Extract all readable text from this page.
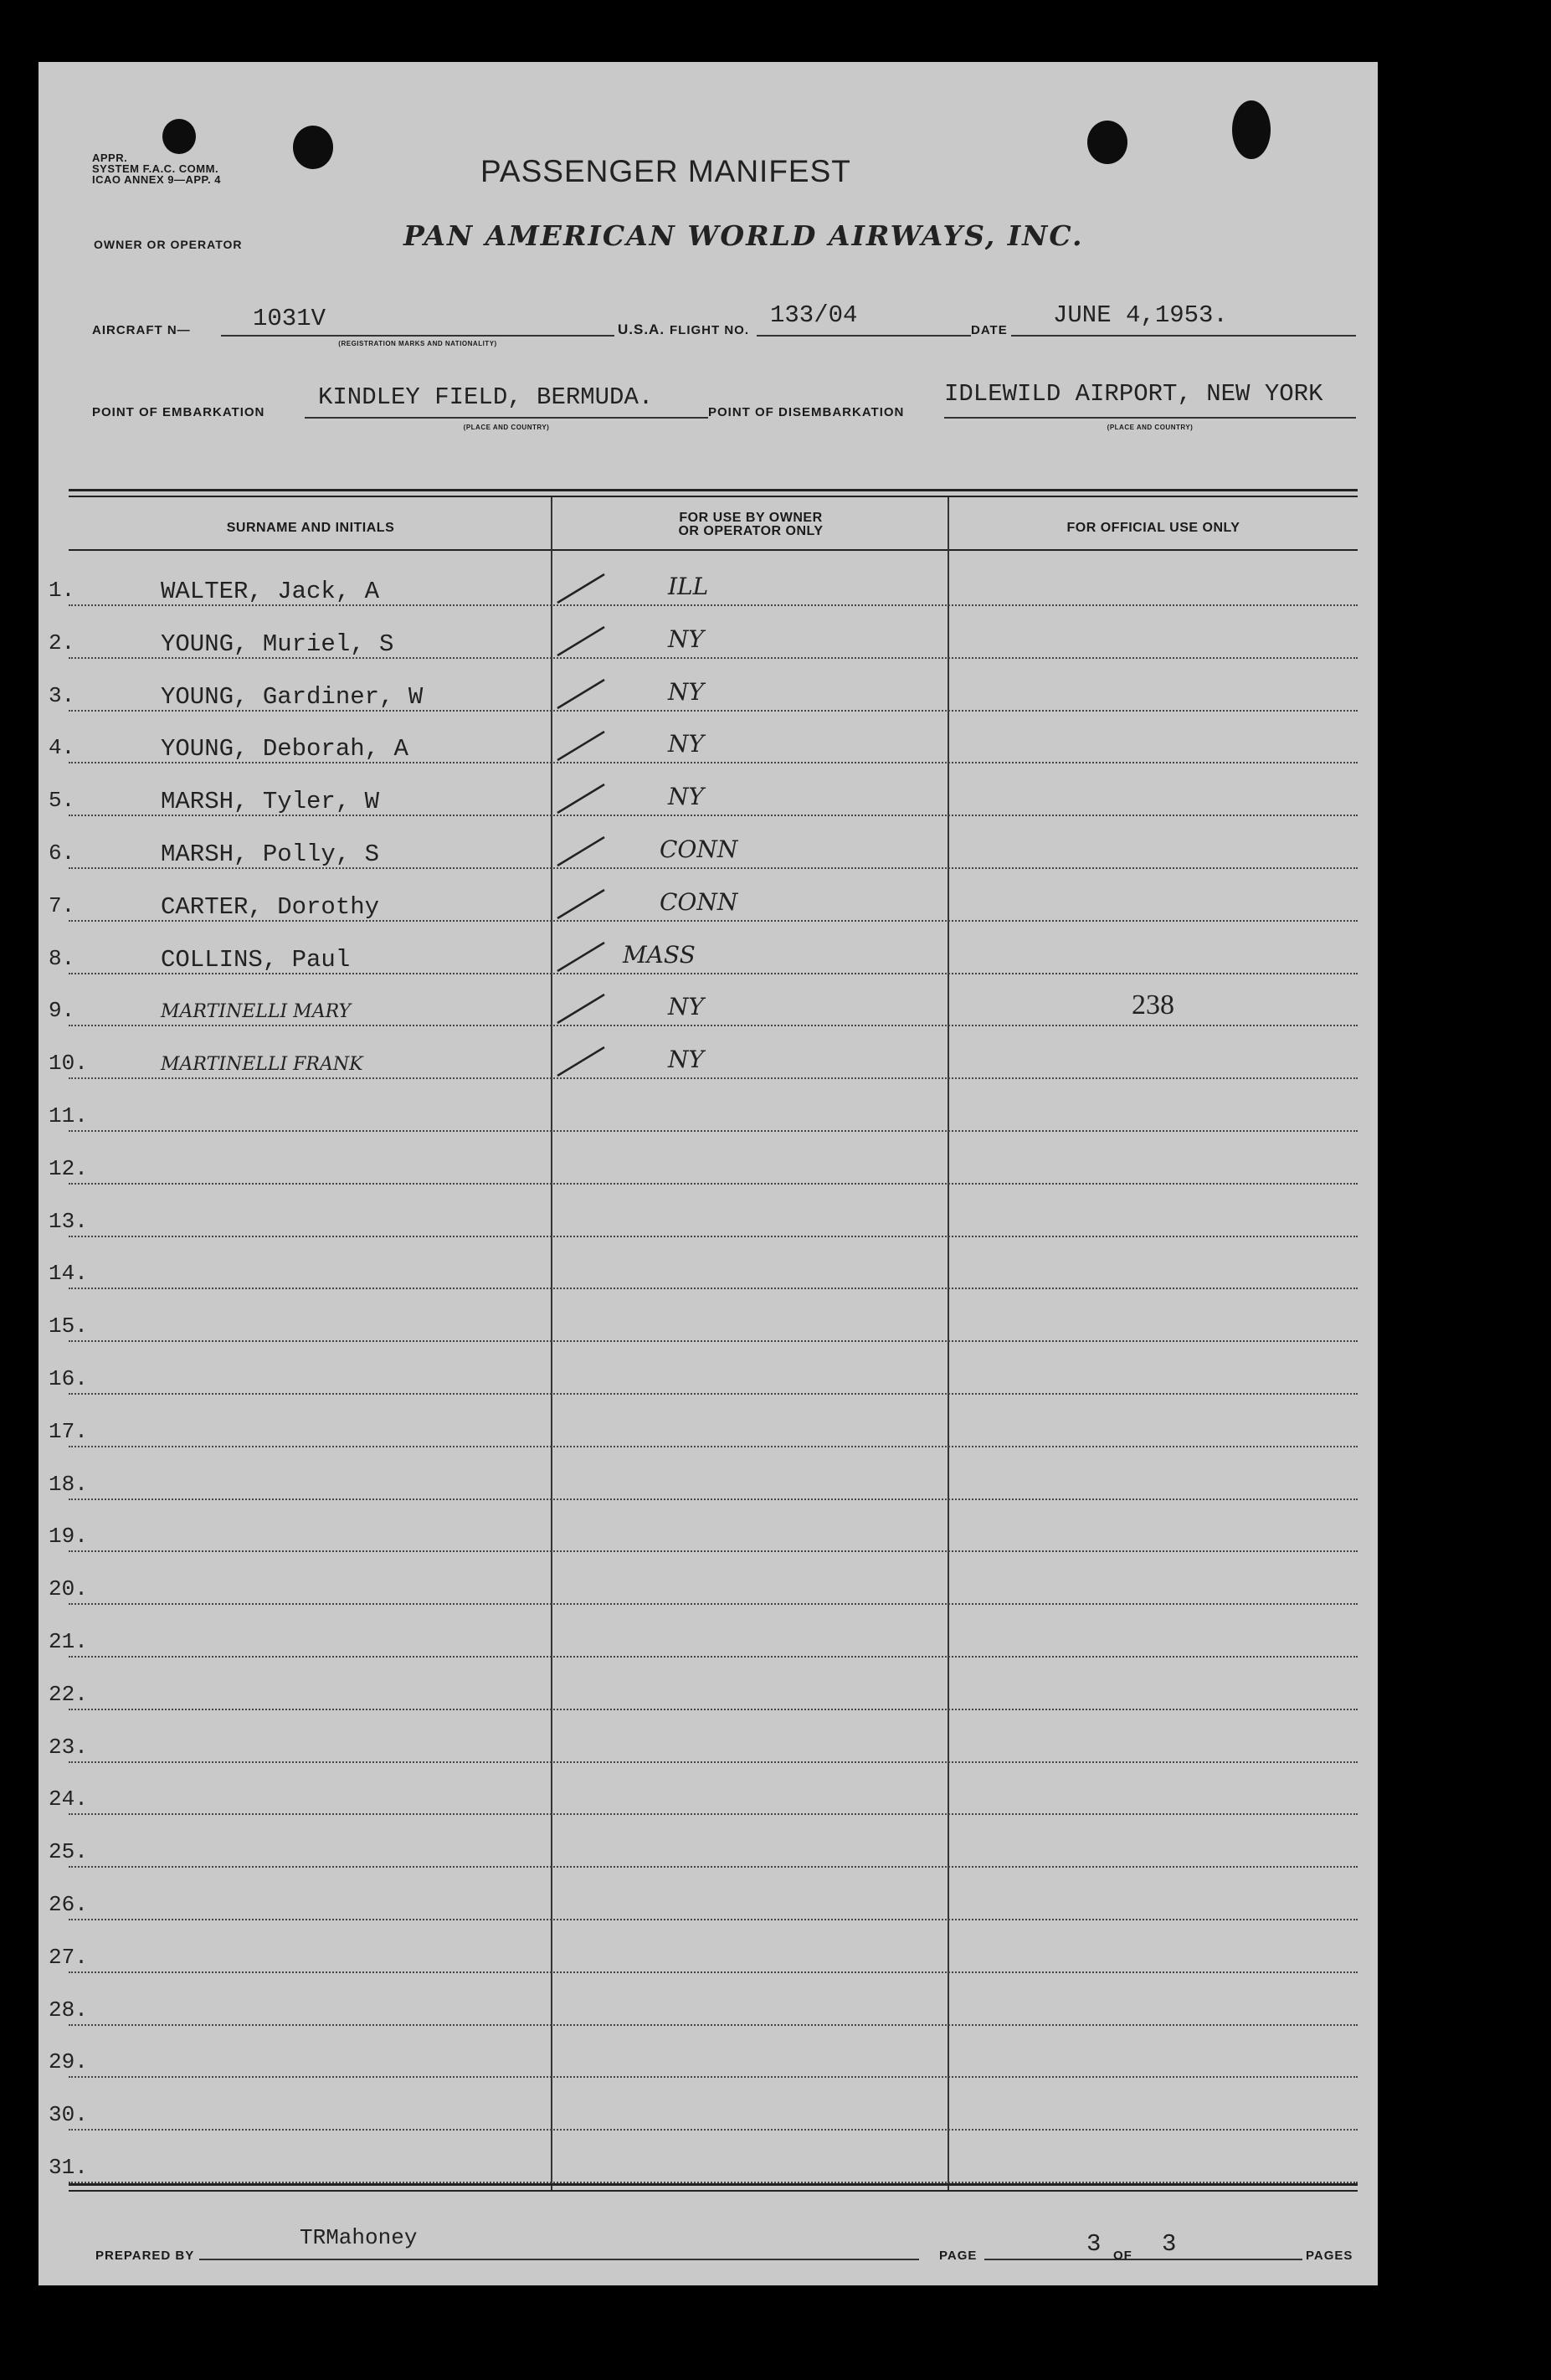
APPR.
SYSTEM F.A.C. COMM.
ICAO ANNEX 9—APP. 4	PASSENGER MANIFEST
OWNER OR OPERATOR	PAN AMERICAN WORLD AIRWAYS, INC.
AIRCRAFT N—	1031V
(REGISTRATION MARKS AND NATIONALITY)
U.S.A. FLIGHT NO.
133/04
DATE
JUNE 4,1953.
POINT OF EMBARKATION
KINDLEY FIELD, BERMUDA.
(PLACE AND COUNTRY)
POINT OF DISEMBARKATION
IDLEWILD AIRPORT, NEW YORK
(PLACE AND COUNTRY)
SURNAME AND INITIALS
FOR USE BY OWNER
OR OPERATOR ONLY	FOR OFFICIAL USE ONLY
1.	WALTER, Jack, A	ILL
2.	YOUNG, Muriel, S	NY
3.	YOUNG, Gardiner, W	NY
4.	YOUNG, Deborah, A	NY
5.	MARSH, Tyler, W	NY
6.	MARSH, Polly, S	CONN
7.	CARTER, Dorothy	CONN
8.	COLLINS, Paul	MASS
9.	MARTINELLI MARY	NY	238
10.	MARTINELLI FRANK	NY
11.
12.
13.
14.
15.
16.
17.
18.
19.
20.
21.
22.
23.
24.
25.
26.
27.
28.
29.
30.
31.
PREPARED BY
TRMahoney
PAGE	3 OF 3	PAGES
